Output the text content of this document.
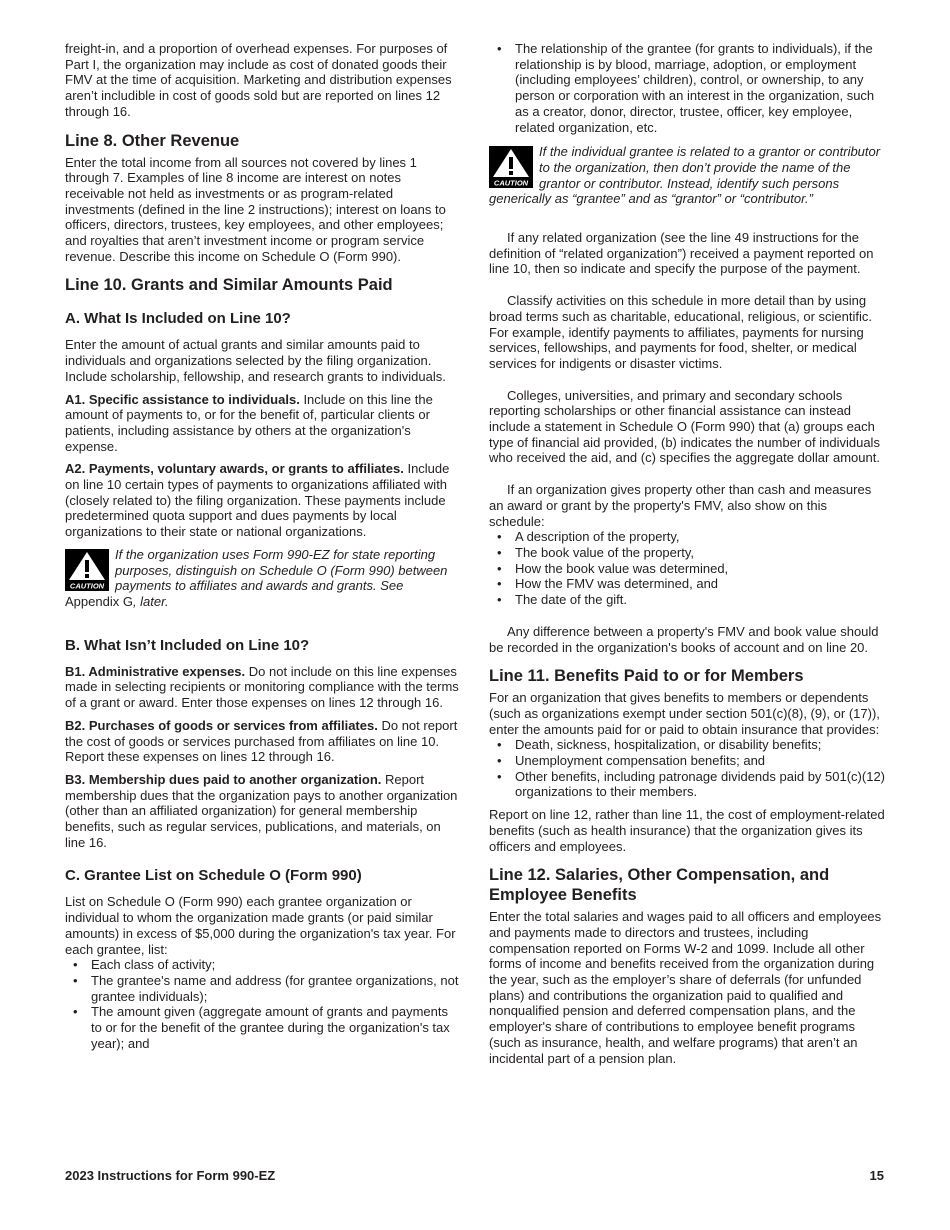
freight-in, and a proportion of overhead expenses. For purposes of Part I, the organization may include as cost of donated goods their FMV at the time of acquisition. Marketing and distribution expenses aren’t includible in cost of goods sold but are reported on lines 12 through 16.

Line 8. Other Revenue

Enter the total income from all sources not covered by lines 1 through 7. Examples of line 8 income are interest on notes receivable not held as investments or as program-related investments (defined in the line 2 instructions); interest on loans to officers, directors, trustees, key employees, and other employees; and royalties that aren’t investment income or program service revenue. Describe this income on Schedule O (Form 990).

Line 10. Grants and Similar Amounts Paid
A. What Is Included on Line 10?

Enter the amount of actual grants and similar amounts paid to individuals and organizations selected by the filing organization. Include scholarship, fellowship, and research grants to individuals.

A1. Specific assistance to individuals. Include on this line the amount of payments to, or for the benefit of, particular clients or patients, including assistance by others at the organization's expense.

A2. Payments, voluntary awards, or grants to affiliates. Include on line 10 certain types of payments to organizations affiliated with (closely related to) the filing organization. These payments include predetermined quota support and dues payments by local organizations to their state or national organizations.

CAUTION
If the organization uses Form 990-EZ for state reporting purposes, distinguish on Schedule O (Form 990) between payments to affiliates and awards and grants. See Appendix G, later.
B. What Isn’t Included on Line 10?

B1. Administrative expenses. Do not include on this line expenses made in selecting recipients or monitoring compliance with the terms of a grant or award. Enter those expenses on lines 12 through 16.

B2. Purchases of goods or services from affiliates. Do not report the cost of goods or services purchased from affiliates on line 10. Report these expenses on lines 12 through 16.

B3. Membership dues paid to another organization. Report membership dues that the organization pays to another organization (other than an affiliated organization) for general membership benefits, such as regular services, publications, and materials, on line 16.

C. Grantee List on Schedule O (Form 990)

List on Schedule O (Form 990) each grantee organization or individual to whom the organization made grants (or paid similar amounts) in excess of $5,000 during the organization's tax year. For each grantee, list:

• Each class of activity;
• The grantee's name and address (for grantee organizations, not grantee individuals);
• The amount given (aggregate amount of grants and payments to or for the benefit of the grantee during the organization's tax year); and
• The relationship of the grantee (for grants to individuals), if the relationship is by blood, marriage, adoption, or employment (including employees’ children), control, or ownership, to any person or corporation with an interest in the organization, such as a creator, donor, director, trustee, officer, key employee, related organization, etc.
CAUTION
If the individual grantee is related to a grantor or contributor to the organization, then don’t provide the name of the grantor or contributor. Instead, identify such persons generically as “grantee” and as “grantor” or “contributor.”

If any related organization (see the line 49 instructions for the definition of “related organization”) received a payment reported on line 10, then so indicate and specify the purpose of the payment.

Classify activities on this schedule in more detail than by using broad terms such as charitable, educational, religious, or scientific. For example, identify payments to affiliates, payments for nursing services, fellowships, and payments for food, shelter, or medical services for indigents or disaster victims.

Colleges, universities, and primary and secondary schools reporting scholarships or other financial assistance can instead include a statement in Schedule O (Form 990) that (a) groups each type of financial aid provided, (b) indicates the number of individuals who received the aid, and (c) specifies the aggregate dollar amount.

If an organization gives property other than cash and measures an award or grant by the property's FMV, also show on this schedule:

• A description of the property,
• The book value of the property,
• How the book value was determined,
• How the FMV was determined, and
• The date of the gift.

Any difference between a property's FMV and book value should be recorded in the organization's books of account and on line 20.

Line 11. Benefits Paid to or for Members

For an organization that gives benefits to members or dependents (such as organizations exempt under section 501(c)(8), (9), or (17)), enter the amounts paid for or paid to obtain insurance that provides:

• Death, sickness, hospitalization, or disability benefits;
• Unemployment compensation benefits; and
• Other benefits, including patronage dividends paid by 501(c)(12) organizations to their members.

Report on line 12, rather than line 11, the cost of employment-related benefits (such as health insurance) that the organization gives its officers and employees.

Line 12. Salaries, Other Compensation, and Employee Benefits

Enter the total salaries and wages paid to all officers and employees and payments made to directors and trustees, including compensation reported on Forms W-2 and 1099. Include all other forms of income and benefits received from the organization during the year, such as the employer’s share of deferrals (for unfunded plans) and contributions the organization paid to qualified and nonqualified pension and deferred compensation plans, and the employer's share of contributions to employee benefit programs (such as insurance, health, and welfare programs) that aren’t an incidental part of a pension plan.

2023 Instructions for Form 990-EZ	15
